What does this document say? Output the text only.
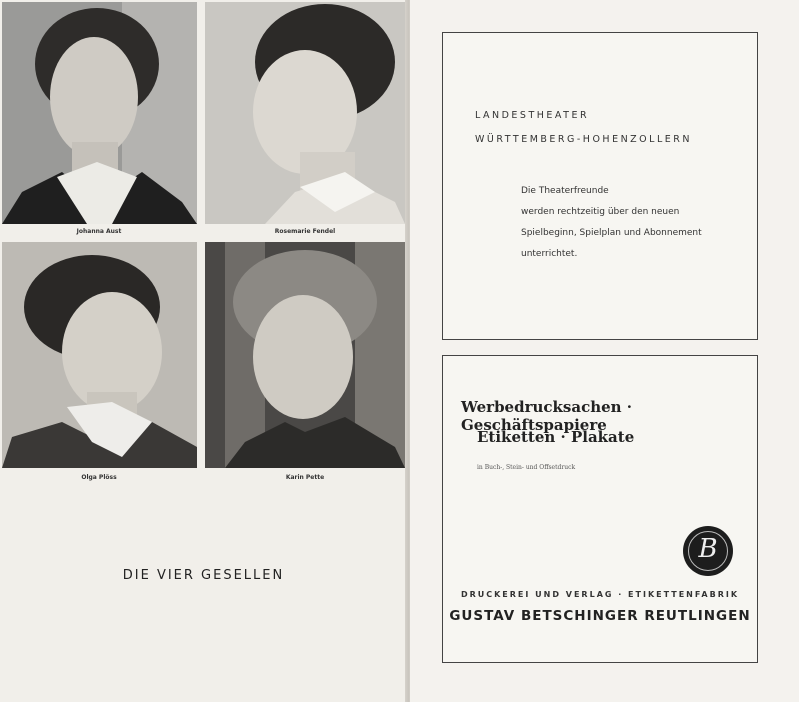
Johanna Aust	Rosemarie Fendel
Olga Plöss	Karin Pette
DIE VIER GESELLEN
LANDESTHEATER
WÜRTTEMBERG-HOHENZOLLERN
Die Theaterfreunde
werden rechtzeitig über den neuen
Spielbeginn, Spielplan und Abonnement
unterrichtet.
Werbedrucksachen · Geschäftspapiere
Etiketten · Plakate
in Buch-, Stein- und Offsetdruck
B
DRUCKEREI UND VERLAG · ETIKETTENFABRIK
GUSTAV BETSCHINGER REUTLINGEN
